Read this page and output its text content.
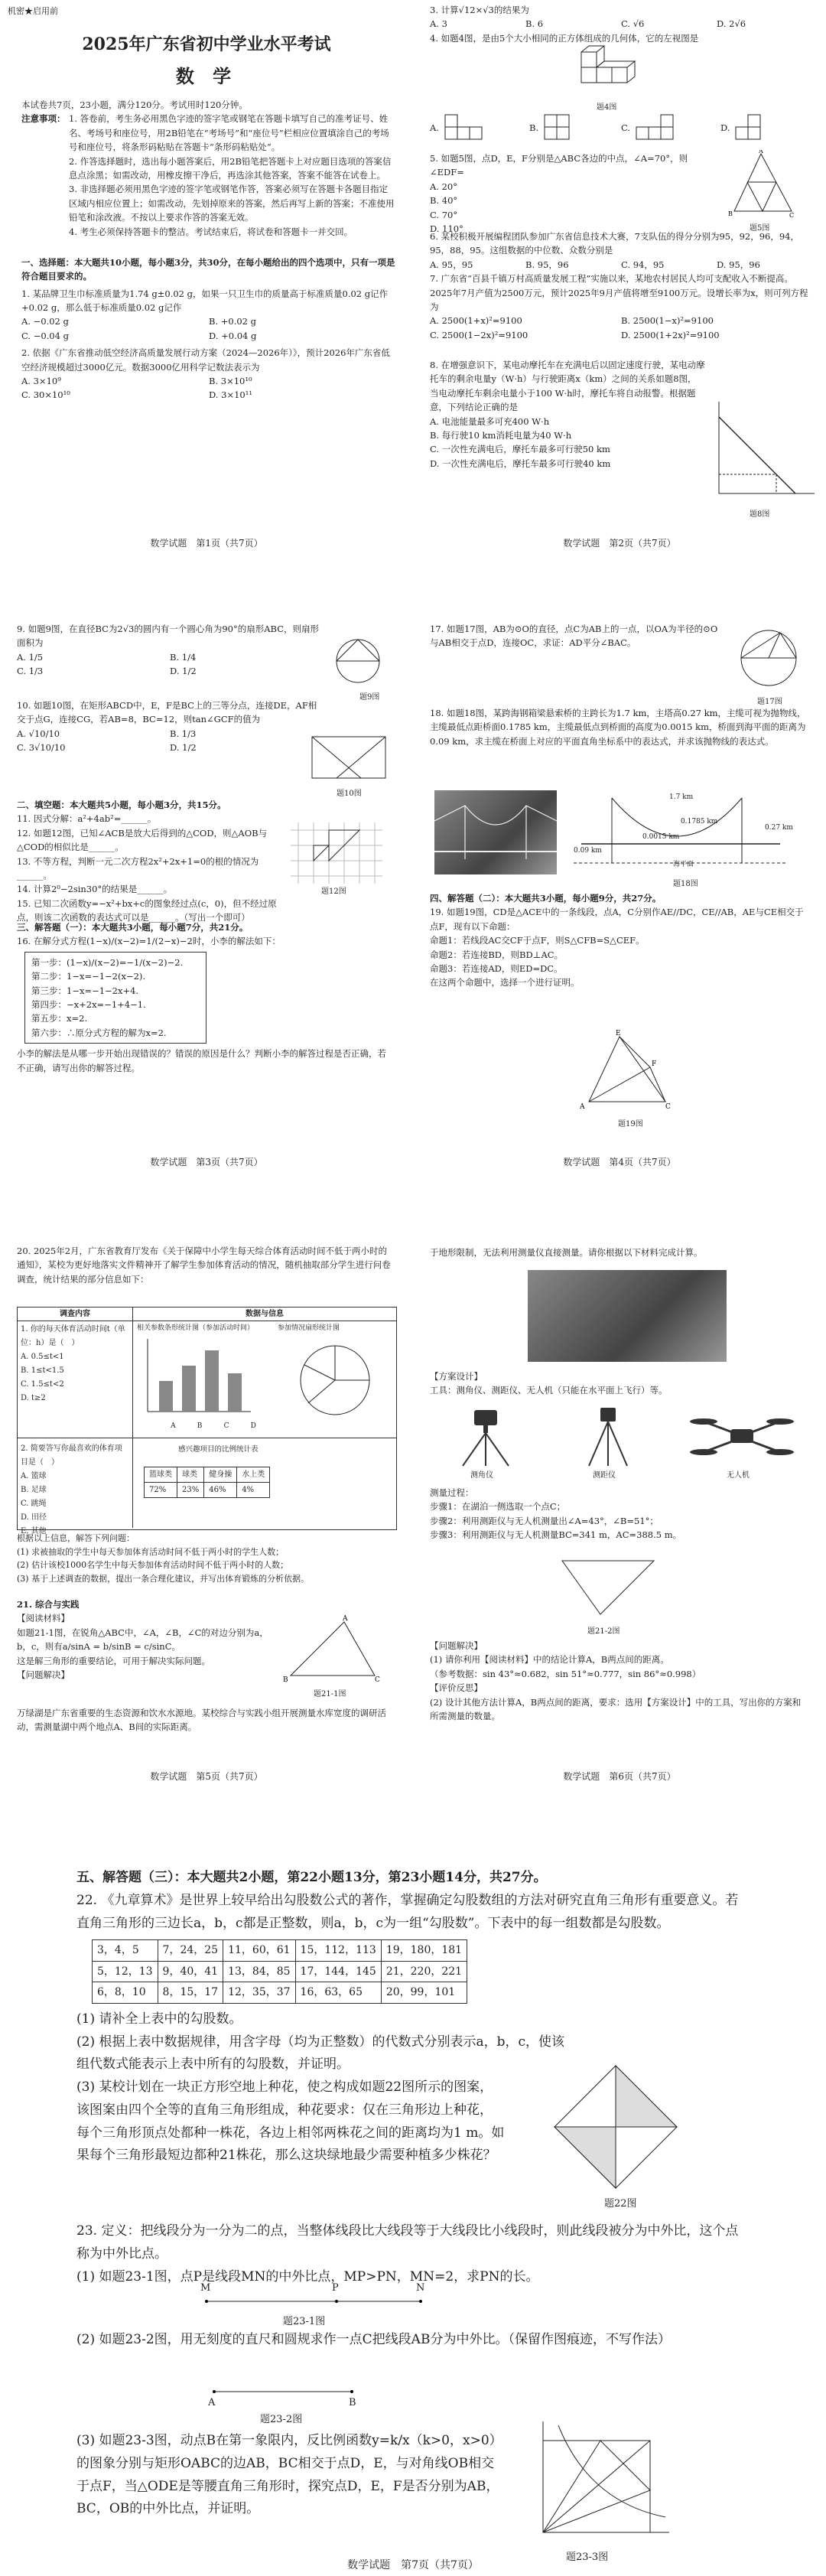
机密★启用前
2025年广东省初中学业水平考试
数 学
本试卷共7页，23小题，满分120分。考试用时120分钟。
注意事项： 1. 答卷前，考生务必用黑色字迹的签字笔或钢笔在答题卡填写自己的准考证号、姓名、考场号和座位号，用2B铅笔在“考场号”和“座位号”栏相应位置填涂自己的考场号和座位号，将条形码粘贴在答题卡“条形码粘贴处”。
2. 作答选择题时，选出每小题答案后，用2B铅笔把答题卡上对应题目选项的答案信息点涂黑；如需改动，用橡皮擦干净后，再选涂其他答案，答案不能答在试卷上。
3. 非选择题必须用黑色字迹的签字笔或钢笔作答，答案必须写在答题卡各题目指定区域内相应位置上；如需改动，先划掉原来的答案，然后再写上新的答案；不准使用铅笔和涂改液。不按以上要求作答的答案无效。
4. 考生必须保持答题卡的整洁。考试结束后，将试卷和答题卡一并交回。
一、选择题：本大题共10小题，每小题3分，共30分，在每小题给出的四个选项中，只有一项是符合题目要求的。
1. 某品牌卫生巾标准质量为1.74 g±0.02 g，如果一只卫生巾的质量高于标准质量0.02 g记作+0.02 g，那么低于标准质量0.02 g记作
A. −0.02 g	B. +0.02 g
C. −0.04 g	D. +0.04 g
2. 依据《广东省推动低空经济高质量发展行动方案（2024—2026年）》，预计2026年广东省低空经济规模超过3000亿元。数据3000亿用科学记数法表示为
A. 3×10⁹	B. 3×10¹⁰
C. 30×10¹⁰	D. 3×10¹¹
数学试题　第1页（共7页）
3. 计算√12×√3的结果为
A. 3	B. 6	C. √6	D. 2√6
4. 如题4图，是由5个大小相同的正方体组成的几何体，它的左视图是
题4图
A.	B.	C.	D.
5. 如题5图，点D，E，F分别是△ABC各边的中点，∠A=70°，则∠EDF=
A. 20°
B. 40°
C. 70°
D. 110°
A
B	C
题5图
6. 某校积极开展编程团队参加广东省信息技术大赛，7支队伍的得分分别为95，92，96，94，95，88，95。这组数据的中位数、众数分别是
A. 95，95	B. 95，96	C. 94，95	D. 95，96
7. 广东省“百县千镇万村高质量发展工程”实施以来，某地农村居民人均可支配收入不断提高。2025年7月产值为2500万元，预计2025年9月产值将增至9100万元。设增长率为x，则可列方程为
A. 2500(1+x)²=9100	B. 2500(1−x)²=9100
C. 2500(1−2x)²=9100	D. 2500(1+2x)²=9100
8. 在增强意识下，某电动摩托车在充满电后以固定速度行驶，某电动摩托车的剩余电量y（W·h）与行驶距离x（km）之间的关系如题8图，当电动摩托车剩余电量小于100 W·h时，摩托车将自动报警。根据题意，下列结论正确的是
A. 电池能量最多可充400 W·h
B. 每行驶10 km消耗电量为40 W·h
C. 一次性充满电后，摩托车最多可行驶50 km
D. 一次性充满电后，摩托车最多可行驶40 km
题8图
数学试题　第2页（共7页）
9. 如题9图，在直径BC为2√3的圆内有一个圆心角为90°的扇形ABC，则扇形面积为
A. 1/5	B. 1/4
C. 1/3	D. 1/2
题9图
10. 如题10图，在矩形ABCD中，E，F是BC上的三等分点，连接DE，AF相交于点G，连接CG，若AB=8，BC=12，则tan∠GCF的值为
A. √10/10	B. 1/3
C. 3√10/10	D. 1/2
题10图
二、填空题：本大题共5小题，每小题3分，共15分。
11. 因式分解：a²+4ab²=______。
12. 如题12图，已知∠ACB是放大后得到的△COD，则△AOB与△COD的相似比是______。
13. 不等方程，判断一元二次方程2x²+2x+1=0的根的情况为______。
14. 计算2⁰−2sin30°的结果是______。
15. 已知二次函数y=−x²+bx+c的图象经过点(c，0)，但不经过原点，则该二次函数的表达式可以是______。（写出一个即可）
题12图
三、解答题（一）：本大题共3小题，每小题7分，共21分。
16. 在解分式方程(1−x)/(x−2)=1/(2−x)−2时，小李的解法如下：
第一步：(1−x)/(x−2)=−1/(x−2)−2.
第二步：1−x=−1−2(x−2).
第三步：1−x=−1−2x+4.
第四步：−x+2x=−1+4−1.
第五步：x=2.
第六步：∴原分式方程的解为x=2.
小李的解法是从哪一步开始出现错误的？错误的原因是什么？判断小李的解答过程是否正确，若不正确，请写出你的解答过程。
数学试题　第3页（共7页）
17. 如题17图，AB为⊙O的直径，点C为AB上的一点，以OA为半径的⊙O与AB相交于点D，连接OC，求证：AD平分∠BAC。
题17图
18. 如题18图，某跨海钢箱梁悬索桥的主跨长为1.7 km，主塔高0.27 km，主缆可视为抛物线，主缆最低点距桥面0.1785 km，主缆最低点到桥面的高度为0.0015 km，桥面到海平面的距离为0.09 km，求主缆在桥面上对应的平面直角坐标系中的表达式，并求该抛物线的表达式。
1.7 km
0.1785 km
0.27 km
0.0015 km
0.09 km
海平面
题18图
四、解答题（二）：本大题共3小题，每小题9分，共27分。
19. 如题19图，CD是△ACE中的一条线段，点A，C分别作AE//DC，CE//AB，AE与CE相交于点F，现有以下命题：
命题1：若线段AC交CF于点F，则S△CFB=S△CEF。
命题2：若连接BD，则BD⊥AC。
命题3：若连接AD，则ED=DC。
在这两个命题中，选择一个进行证明。
E
F
A	C
题19图
数学试题　第4页（共7页）
20. 2025年2月，广东省教育厅发布《关于保障中小学生每天综合体育活动时间不低于两小时的通知》，某校为更好地落实文件精神开了解学生参加体育活动的情况，随机抽取部分学生进行问卷调查，统计结果的部分信息如下：
调查内容	数据与信息
1. 你的每天体育活动时间t（单位：h）是（　）
A. 0.5≤t<1
B. 1≤t<1.5
C. 1.5≤t<2
D. t≥2
相关参数条形统计图（参加活动时间）
A	B	C	D
参加情况扇形统计图
2. 简要答写你最喜欢的体育项目是（　）
A. 篮球
B. 足球
C. 跳绳
D. 田径
E. 其他
感兴趣项目的比例统计表
篮球类	球类	健身操	水上类
72%	23%	46%	4%
根据以上信息，解答下列问题：
(1) 求被抽取的学生中每天参加体育活动时间不低于两小时的学生人数；
(2) 估计该校1000名学生中每天参加体育活动时间不低于两小时的人数；
(3) 基于上述调查的数据，提出一条合理化建议，并写出体育锻炼的分析依据。
21. 综合与实践
【阅读材料】
如题21-1图，在锐角△ABC中，∠A，∠B，∠C的对边分别为a，b，c，则有a/sinA = b/sinB = c/sinC。
这是解三角形的重要结论，可用于解决实际问题。
【问题解决】
万绿湖是广东省重要的生态资源和饮水水源地。某校综合与实践小组开展测量水库宽度的调研活动，需测量湖中两个地点A、B间的实际距离。
A
B	C
题21-1图
数学试题　第5页（共7页）
于地形限制，无法利用测量仪直接测量。请你根据以下材料完成计算。
【方案设计】
工具：测角仪、测距仪、无人机（只能在水平面上飞行）等。
测角仪	测距仪	无人机
测量过程：
步骤1：在湖泊一侧选取一个点C；
步骤2：利用测距仪与无人机测量出∠A=43°，∠B=51°；
步骤3：利用测距仪与无人机测量BC=341 m，AC=388.5 m。
题21-2图
【问题解决】
(1) 请你利用【阅读材料】中的结论计算A，B两点间的距离。
（参考数据：sin 43°≈0.682，sin 51°≈0.777，sin 86°≈0.998）
【评价反思】
(2) 设计其他方法计算A，B两点间的距离，要求：选用【方案设计】中的工具，写出你的方案和所需测量的数量。
数学试题　第6页（共7页）
五、解答题（三）：本大题共2小题，第22小题13分，第23小题14分，共27分。
22. 《九章算术》是世界上较早给出勾股数公式的著作，掌握确定勾股数组的方法对研究直角三角形有重要意义。若直角三角形的三边长a，b，c都是正整数，则a，b，c为一组“勾股数”。下表中的每一组数都是勾股数。
3，4，5	7，24，25	11，60，61	15，112，113	19，180，181
5，12，13	9，40，41	13，84，85	17，144，145	21，220，221
6，8，10	8，15，17	12，35，37	16，63，65	20，99，101
(1) 请补全上表中的勾股数。
(2) 根据上表中数据规律，用含字母（均为正整数）的代数式分别表示a，b，c，使该组代数式能表示上表中所有的勾股数，并证明。
(3) 某校计划在一块正方形空地上种花，使之构成如题22图所示的图案，该图案由四个全等的直角三角形组成，种花要求：仅在三角形边上种花，每个三角形顶点处都种一株花，各边上相邻两株花之间的距离均为1 m。如果每个三角形最短边都种21株花，那么这块绿地最少需要种植多少株花？
题22图
23. 定义：把线段分为一分为二的点，当整体线段比大线段等于大线段比小线段时，则此线段被分为中外比，这个点称为中外比点。
(1) 如题23-1图，点P是线段MN的中外比点，MP>PN，MN=2，求PN的长。
M	P	N
题23-1图
(2) 如题23-2图，用无刻度的直尺和圆规求作一点C把线段AB分为中外比。（保留作图痕迹，不写作法）
A	B
题23-2图
(3) 如题23-3图，动点B在第一象限内，反比例函数y=k/x（k>0，x>0）的图象分别与矩形OABC的边AB，BC相交于点D，E，与对角线OB相交于点F，当△ODE是等腰直角三角形时，探究点D，E，F是否分别为AB，BC，OB的中外比点，并证明。
题23-3图
数学试题　第7页（共7页）
